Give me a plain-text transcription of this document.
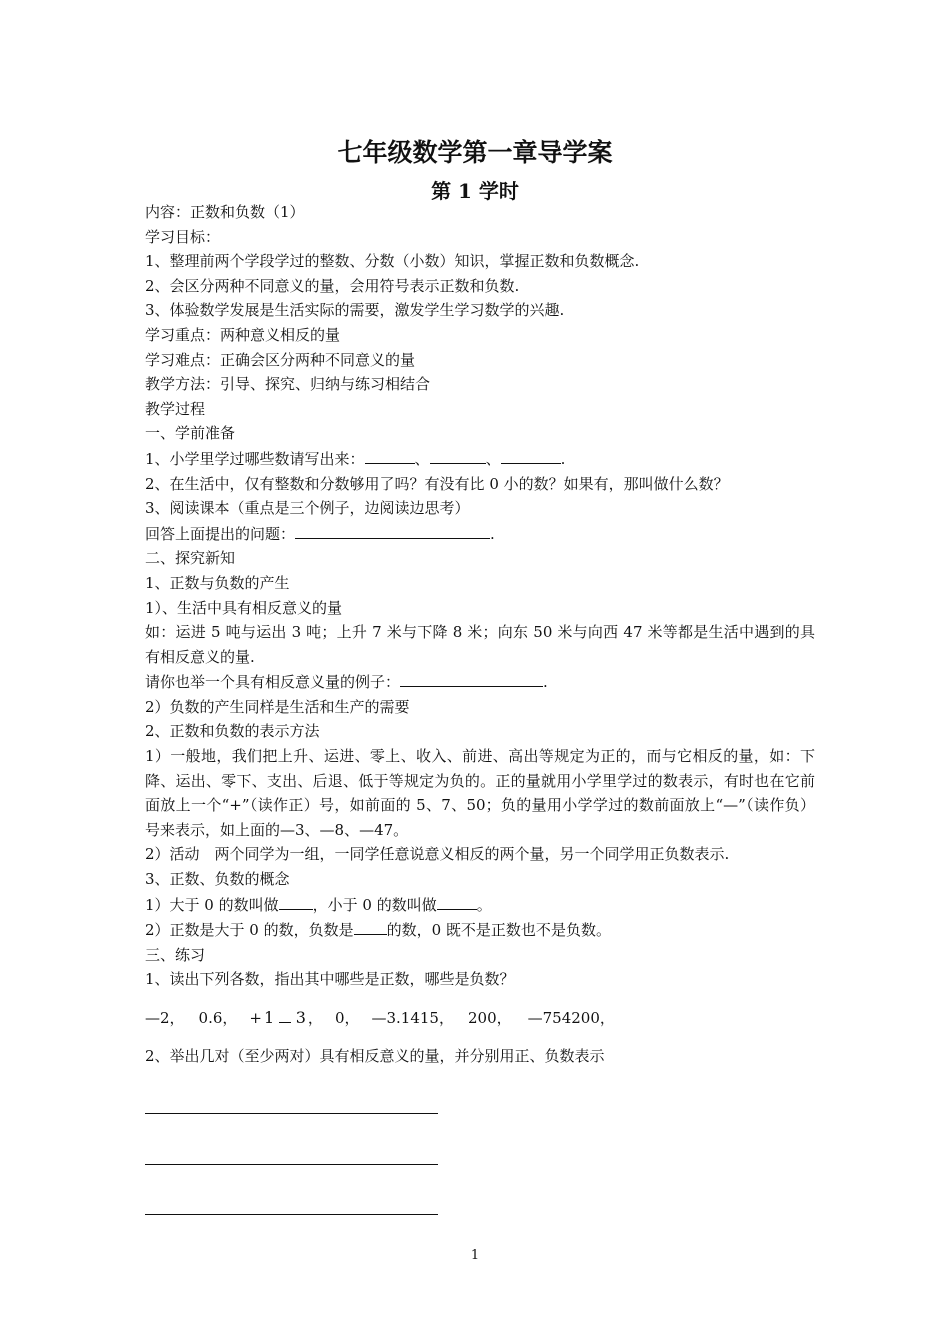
七年级数学第一章导学案
第 1 学时
内容：正数和负数（1）
学习目标：
1、整理前两个学段学过的整数、分数（小数）知识，掌握正数和负数概念.
2、会区分两种不同意义的量，会用符号表示正数和负数.
3、体验数学发展是生活实际的需要，激发学生学习数学的兴趣.
学习重点：两种意义相反的量
学习难点：正确会区分两种不同意义的量
教学方法：引导、探究、归纳与练习相结合
教学过程
一、学前准备
1、小学里学过哪些数请写出来：	、	、	.
2、在生活中，仅有整数和分数够用了吗？有没有比 0 小的数？如果有，那叫做什么数？
3、阅读课本（重点是三个例子，边阅读边思考）
回答上面提出的问题：	.
二、探究新知
1、正数与负数的产生
1）、生活中具有相反意义的量
如：运进 5 吨与运出 3 吨；上升 7 米与下降 8 米；向东 50 米与向西 47 米等都是生活中遇到的具有相反意义的量.
请你也举一个具有相反意义量的例子：	.
2）负数的产生同样是生活和生产的需要
2、正数和负数的表示方法
1）一般地，我们把上升、运进、零上、收入、前进、高出等规定为正的，而与它相反的量，如：下降、运出、零下、支出、后退、低于等规定为负的。正的量就用小学里学过的数表示，有时也在它前面放上一个“+”（读作正）号，如前面的 5、7、50；负的量用小学学过的数前面放上“—”（读作负）号来表示，如上面的—3、—8、—47。
2）活动　两个同学为一组，一同学任意说意义相反的两个量，另一个同学用正负数表示.
3、正数、负数的概念
1）大于 0 的数叫做 ，小于 0 的数叫做	。
2）正数是大于 0 的数，负数是 的数，0 既不是正数也不是负数。
三、练习
1、读出下列各数，指出其中哪些是正数，哪些是负数？
—2， 0.6， + 1 3 ， 0， —3.1415， 200， —754200，
2、举出几对（至少两对）具有相反意义的量，并分别用正、负数表示
1
